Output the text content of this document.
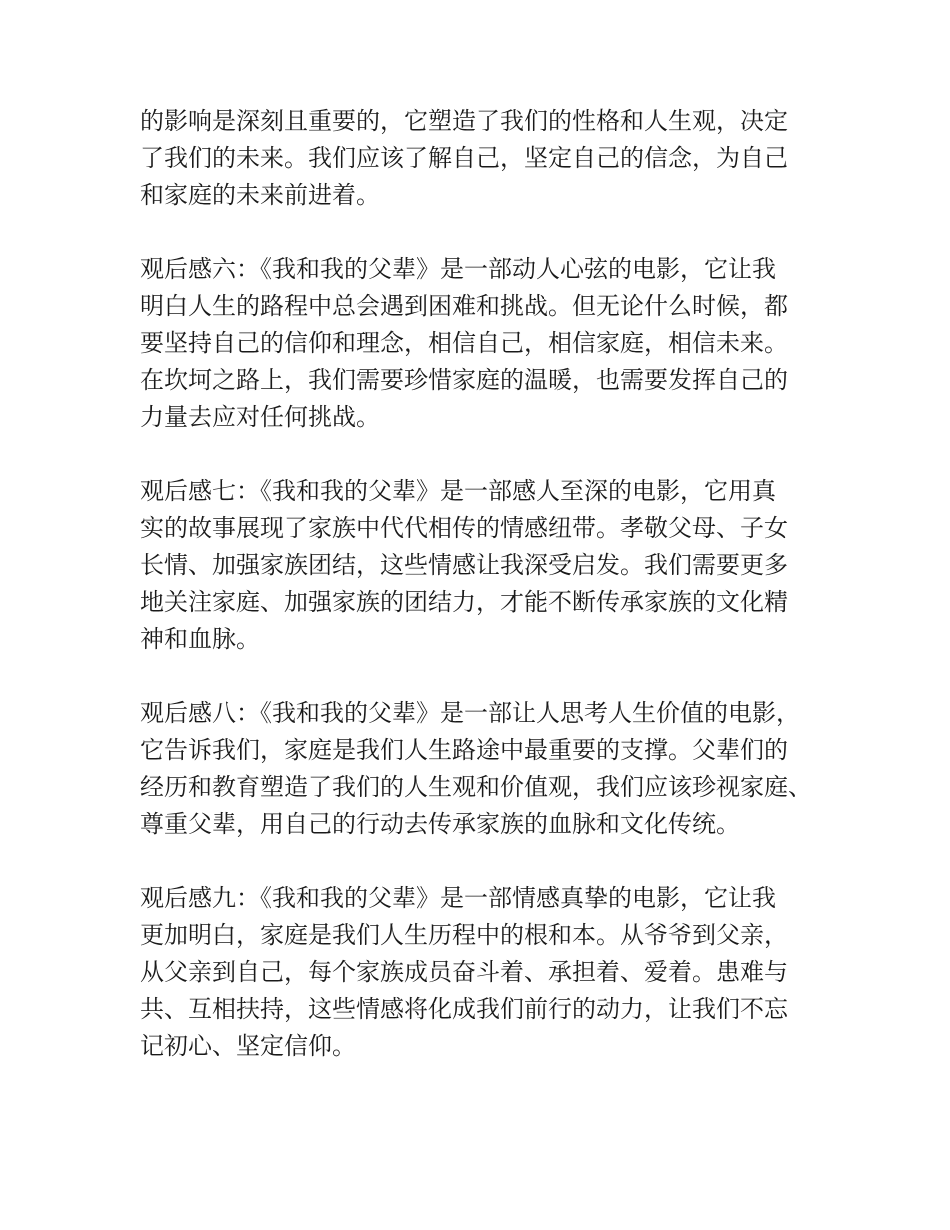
的影响是深刻且重要的，它塑造了我们的性格和人生观，决定
了我们的未来。我们应该了解自己，坚定自己的信念，为自己
和家庭的未来前进着。
观后感六：《我和我的父辈》是一部动人心弦的电影，它让我
明白人生的路程中总会遇到困难和挑战。但无论什么时候，都
要坚持自己的信仰和理念，相信自己，相信家庭，相信未来。
在坎坷之路上，我们需要珍惜家庭的温暖，也需要发挥自己的
力量去应对任何挑战。
观后感七：《我和我的父辈》是一部感人至深的电影，它用真
实的故事展现了家族中代代相传的情感纽带。孝敬父母、子女
长情、加强家族团结，这些情感让我深受启发。我们需要更多
地关注家庭、加强家族的团结力，才能不断传承家族的文化精
神和血脉。
观后感八：《我和我的父辈》是一部让人思考人生价值的电影，
它告诉我们，家庭是我们人生路途中最重要的支撑。父辈们的
经历和教育塑造了我们的人生观和价值观，我们应该珍视家庭、
尊重父辈，用自己的行动去传承家族的血脉和文化传统。
观后感九：《我和我的父辈》是一部情感真挚的电影，它让我
更加明白，家庭是我们人生历程中的根和本。从爷爷到父亲，
从父亲到自己，每个家族成员奋斗着、承担着、爱着。患难与
共、互相扶持，这些情感将化成我们前行的动力，让我们不忘
记初心、坚定信仰。
